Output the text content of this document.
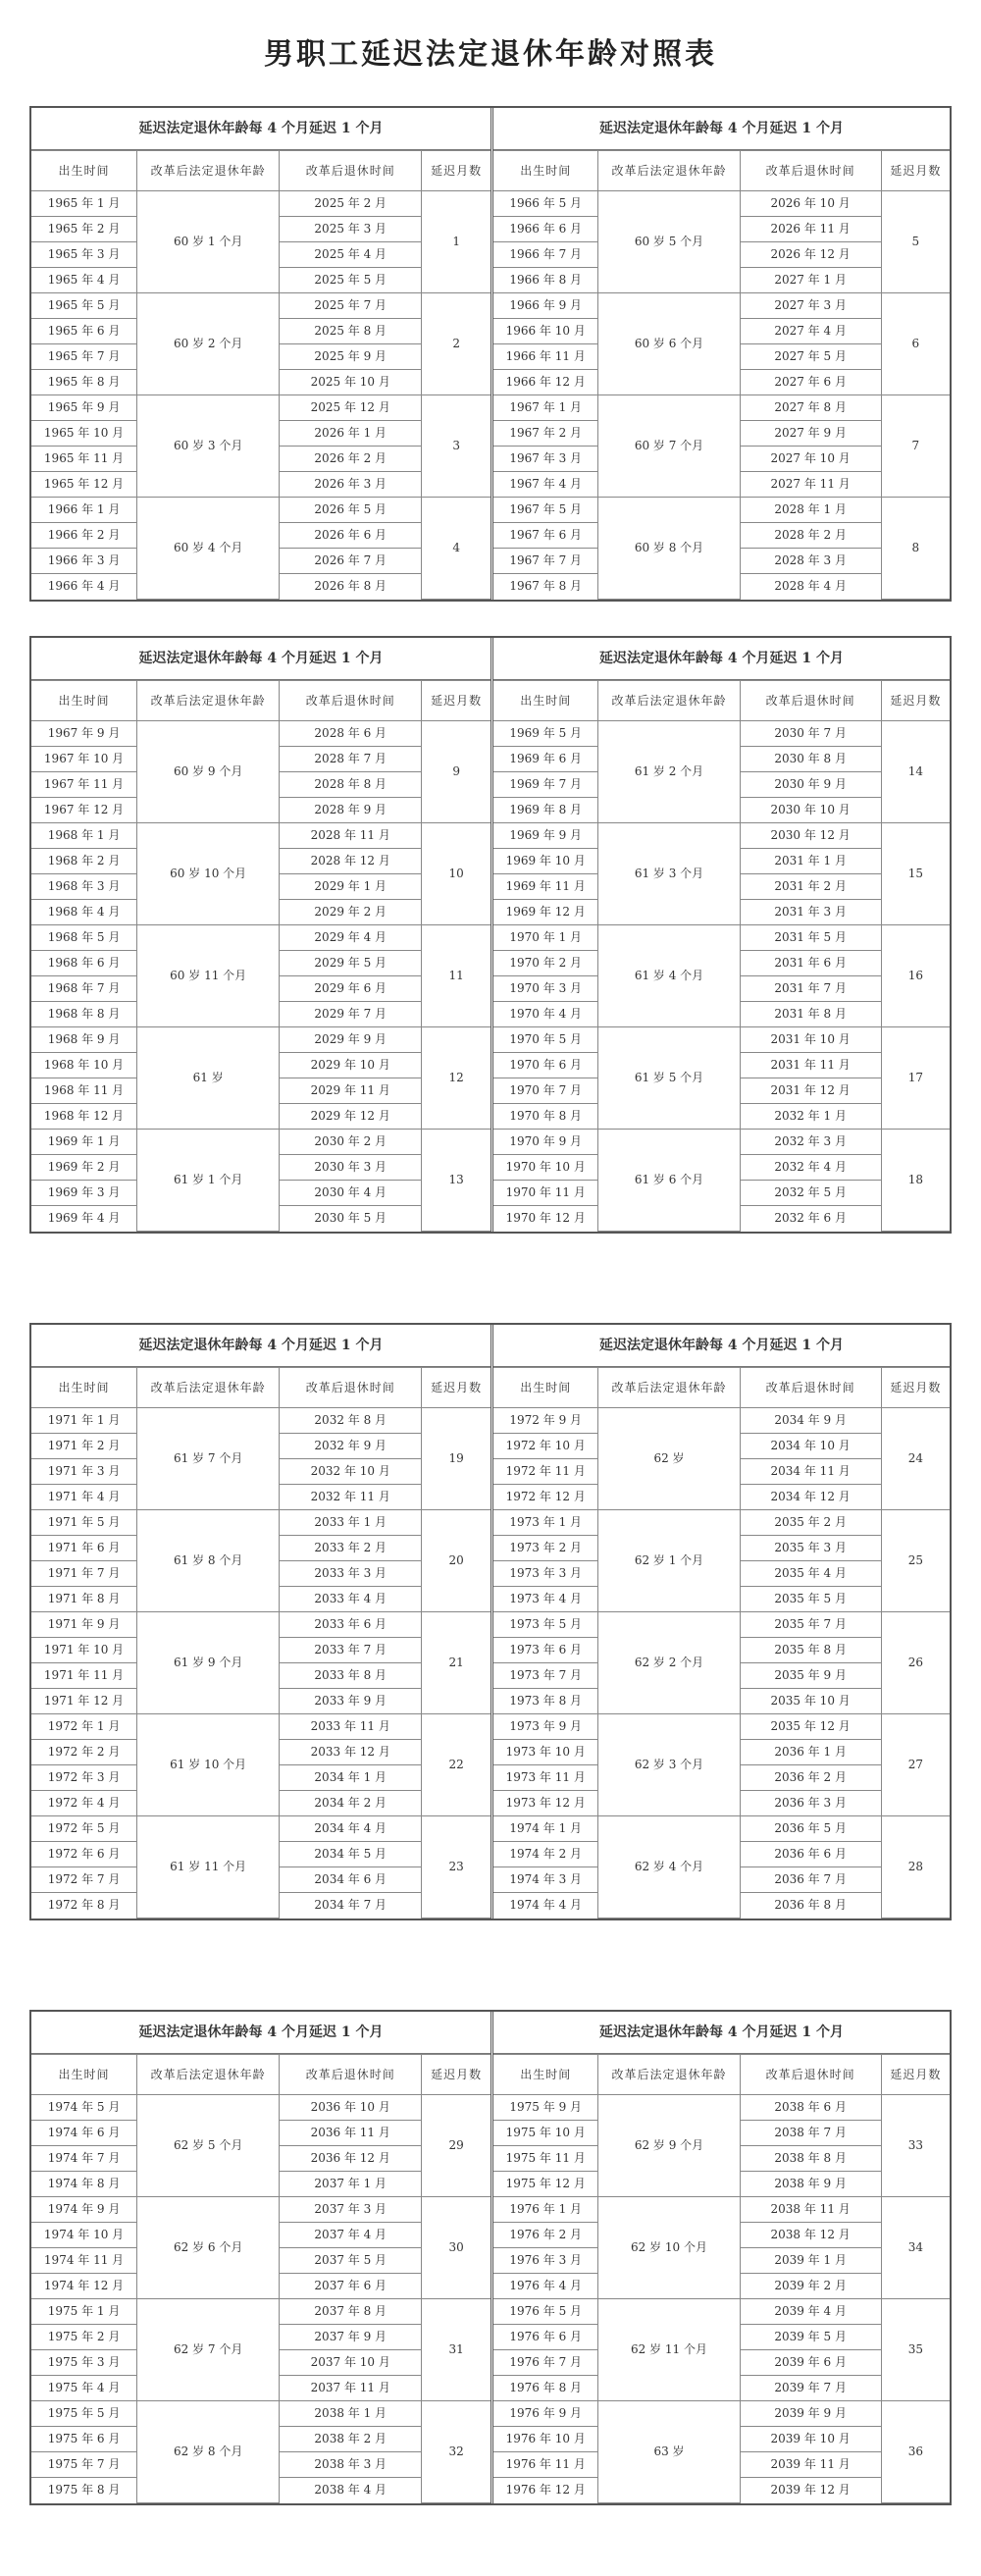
男职工延迟法定退休年龄对照表
延迟法定退休年龄每 4 个月延迟 1 个月
出生时间	改革后法定退休年龄	改革后退休时间	延迟月数
1965 年 1 月	60 岁 1 个月	2025 年 2 月	1
1965 年 2 月		2025 年 3 月	
1965 年 3 月		2025 年 4 月	
1965 年 4 月		2025 年 5 月	
1965 年 5 月	60 岁 2 个月	2025 年 7 月	2
1965 年 6 月		2025 年 8 月	
1965 年 7 月		2025 年 9 月	
1965 年 8 月		2025 年 10 月	
1965 年 9 月	60 岁 3 个月	2025 年 12 月	3
1965 年 10 月		2026 年 1 月	
1965 年 11 月		2026 年 2 月	
1965 年 12 月		2026 年 3 月	
1966 年 1 月	60 岁 4 个月	2026 年 5 月	4
1966 年 2 月		2026 年 6 月	
1966 年 3 月		2026 年 7 月	
1966 年 4 月		2026 年 8 月	
延迟法定退休年龄每 4 个月延迟 1 个月
出生时间	改革后法定退休年龄	改革后退休时间	延迟月数
1966 年 5 月	60 岁 5 个月	2026 年 10 月	5
1966 年 6 月		2026 年 11 月	
1966 年 7 月		2026 年 12 月	
1966 年 8 月		2027 年 1 月	
1966 年 9 月	60 岁 6 个月	2027 年 3 月	6
1966 年 10 月		2027 年 4 月	
1966 年 11 月		2027 年 5 月	
1966 年 12 月		2027 年 6 月	
1967 年 1 月	60 岁 7 个月	2027 年 8 月	7
1967 年 2 月		2027 年 9 月	
1967 年 3 月		2027 年 10 月	
1967 年 4 月		2027 年 11 月	
1967 年 5 月	60 岁 8 个月	2028 年 1 月	8
1967 年 6 月		2028 年 2 月	
1967 年 7 月		2028 年 3 月	
1967 年 8 月		2028 年 4 月	
延迟法定退休年龄每 4 个月延迟 1 个月
出生时间	改革后法定退休年龄	改革后退休时间	延迟月数
1967 年 9 月	60 岁 9 个月	2028 年 6 月	9
1967 年 10 月		2028 年 7 月	
1967 年 11 月		2028 年 8 月	
1967 年 12 月		2028 年 9 月	
1968 年 1 月	60 岁 10 个月	2028 年 11 月	10
1968 年 2 月		2028 年 12 月	
1968 年 3 月		2029 年 1 月	
1968 年 4 月		2029 年 2 月	
1968 年 5 月	60 岁 11 个月	2029 年 4 月	11
1968 年 6 月		2029 年 5 月	
1968 年 7 月		2029 年 6 月	
1968 年 8 月		2029 年 7 月	
1968 年 9 月	61 岁	2029 年 9 月	12
1968 年 10 月		2029 年 10 月	
1968 年 11 月		2029 年 11 月	
1968 年 12 月		2029 年 12 月	
1969 年 1 月	61 岁 1 个月	2030 年 2 月	13
1969 年 2 月		2030 年 3 月	
1969 年 3 月		2030 年 4 月	
1969 年 4 月		2030 年 5 月	
延迟法定退休年龄每 4 个月延迟 1 个月
出生时间	改革后法定退休年龄	改革后退休时间	延迟月数
1969 年 5 月	61 岁 2 个月	2030 年 7 月	14
1969 年 6 月		2030 年 8 月	
1969 年 7 月		2030 年 9 月	
1969 年 8 月		2030 年 10 月	
1969 年 9 月	61 岁 3 个月	2030 年 12 月	15
1969 年 10 月		2031 年 1 月	
1969 年 11 月		2031 年 2 月	
1969 年 12 月		2031 年 3 月	
1970 年 1 月	61 岁 4 个月	2031 年 5 月	16
1970 年 2 月		2031 年 6 月	
1970 年 3 月		2031 年 7 月	
1970 年 4 月		2031 年 8 月	
1970 年 5 月	61 岁 5 个月	2031 年 10 月	17
1970 年 6 月		2031 年 11 月	
1970 年 7 月		2031 年 12 月	
1970 年 8 月		2032 年 1 月	
1970 年 9 月	61 岁 6 个月	2032 年 3 月	18
1970 年 10 月		2032 年 4 月	
1970 年 11 月		2032 年 5 月	
1970 年 12 月		2032 年 6 月	
延迟法定退休年龄每 4 个月延迟 1 个月
出生时间	改革后法定退休年龄	改革后退休时间	延迟月数
1971 年 1 月	61 岁 7 个月	2032 年 8 月	19
1971 年 2 月		2032 年 9 月	
1971 年 3 月		2032 年 10 月	
1971 年 4 月		2032 年 11 月	
1971 年 5 月	61 岁 8 个月	2033 年 1 月	20
1971 年 6 月		2033 年 2 月	
1971 年 7 月		2033 年 3 月	
1971 年 8 月		2033 年 4 月	
1971 年 9 月	61 岁 9 个月	2033 年 6 月	21
1971 年 10 月		2033 年 7 月	
1971 年 11 月		2033 年 8 月	
1971 年 12 月		2033 年 9 月	
1972 年 1 月	61 岁 10 个月	2033 年 11 月	22
1972 年 2 月		2033 年 12 月	
1972 年 3 月		2034 年 1 月	
1972 年 4 月		2034 年 2 月	
1972 年 5 月	61 岁 11 个月	2034 年 4 月	23
1972 年 6 月		2034 年 5 月	
1972 年 7 月		2034 年 6 月	
1972 年 8 月		2034 年 7 月	
延迟法定退休年龄每 4 个月延迟 1 个月
出生时间	改革后法定退休年龄	改革后退休时间	延迟月数
1972 年 9 月	62 岁	2034 年 9 月	24
1972 年 10 月		2034 年 10 月	
1972 年 11 月		2034 年 11 月	
1972 年 12 月		2034 年 12 月	
1973 年 1 月	62 岁 1 个月	2035 年 2 月	25
1973 年 2 月		2035 年 3 月	
1973 年 3 月		2035 年 4 月	
1973 年 4 月		2035 年 5 月	
1973 年 5 月	62 岁 2 个月	2035 年 7 月	26
1973 年 6 月		2035 年 8 月	
1973 年 7 月		2035 年 9 月	
1973 年 8 月		2035 年 10 月	
1973 年 9 月	62 岁 3 个月	2035 年 12 月	27
1973 年 10 月		2036 年 1 月	
1973 年 11 月		2036 年 2 月	
1973 年 12 月		2036 年 3 月	
1974 年 1 月	62 岁 4 个月	2036 年 5 月	28
1974 年 2 月		2036 年 6 月	
1974 年 3 月		2036 年 7 月	
1974 年 4 月		2036 年 8 月	
延迟法定退休年龄每 4 个月延迟 1 个月
出生时间	改革后法定退休年龄	改革后退休时间	延迟月数
1974 年 5 月	62 岁 5 个月	2036 年 10 月	29
1974 年 6 月		2036 年 11 月	
1974 年 7 月		2036 年 12 月	
1974 年 8 月		2037 年 1 月	
1974 年 9 月	62 岁 6 个月	2037 年 3 月	30
1974 年 10 月		2037 年 4 月	
1974 年 11 月		2037 年 5 月	
1974 年 12 月		2037 年 6 月	
1975 年 1 月	62 岁 7 个月	2037 年 8 月	31
1975 年 2 月		2037 年 9 月	
1975 年 3 月		2037 年 10 月	
1975 年 4 月		2037 年 11 月	
1975 年 5 月	62 岁 8 个月	2038 年 1 月	32
1975 年 6 月		2038 年 2 月	
1975 年 7 月		2038 年 3 月	
1975 年 8 月		2038 年 4 月	
延迟法定退休年龄每 4 个月延迟 1 个月
出生时间	改革后法定退休年龄	改革后退休时间	延迟月数
1975 年 9 月	62 岁 9 个月	2038 年 6 月	33
1975 年 10 月		2038 年 7 月	
1975 年 11 月		2038 年 8 月	
1975 年 12 月		2038 年 9 月	
1976 年 1 月	62 岁 10 个月	2038 年 11 月	34
1976 年 2 月		2038 年 12 月	
1976 年 3 月		2039 年 1 月	
1976 年 4 月		2039 年 2 月	
1976 年 5 月	62 岁 11 个月	2039 年 4 月	35
1976 年 6 月		2039 年 5 月	
1976 年 7 月		2039 年 6 月	
1976 年 8 月		2039 年 7 月	
1976 年 9 月	63 岁	2039 年 9 月	36
1976 年 10 月		2039 年 10 月	
1976 年 11 月		2039 年 11 月	
1976 年 12 月		2039 年 12 月	
